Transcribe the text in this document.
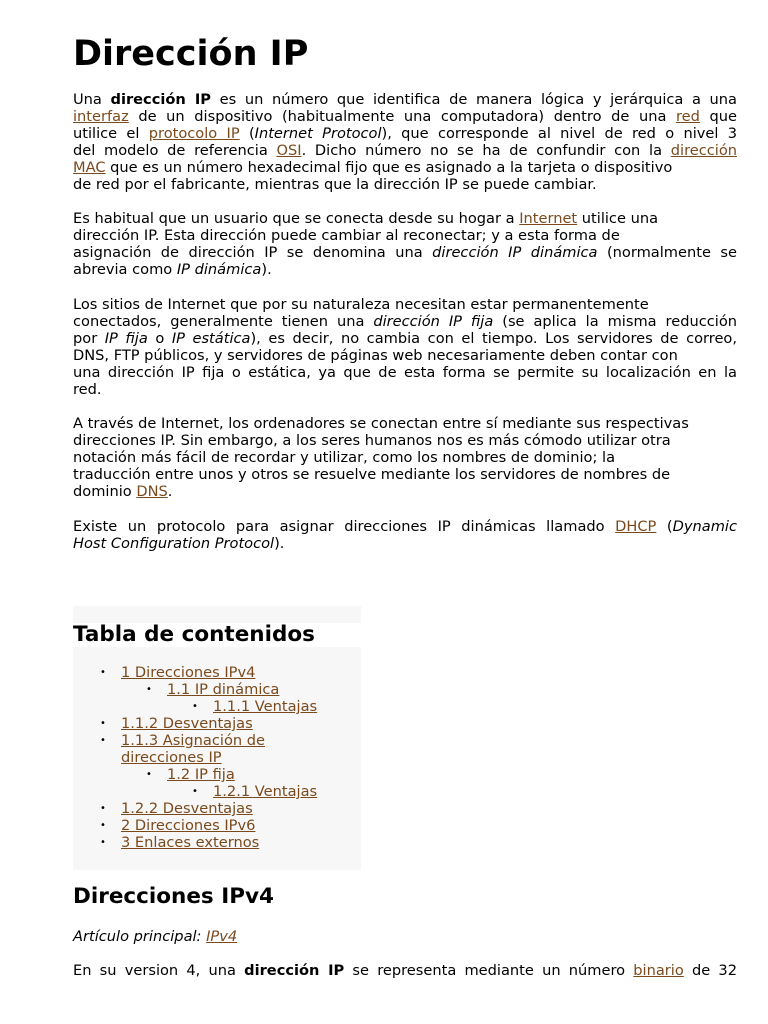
Dirección IP
Una dirección IP es un número que identifica de manera lógica y jerárquica a una
interfaz de un dispositivo (habitualmente una computadora) dentro de una red que
utilice el protocolo IP (Internet Protocol), que corresponde al nivel de red o nivel 3
del modelo de referencia OSI. Dicho número no se ha de confundir con la dirección
MAC que es un número hexadecimal fijo que es asignado a la tarjeta o dispositivo
de red por el fabricante, mientras que la dirección IP se puede cambiar.
Es habitual que un usuario que se conecta desde su hogar a Internet utilice una
dirección IP. Esta dirección puede cambiar al reconectar; y a esta forma de
asignación de dirección IP se denomina una dirección IP dinámica (normalmente se
abrevia como IP dinámica).
Los sitios de Internet que por su naturaleza necesitan estar permanentemente
conectados, generalmente tienen una dirección IP fija (se aplica la misma reducción
por IP fija o IP estática), es decir, no cambia con el tiempo. Los servidores de correo,
DNS, FTP públicos, y servidores de páginas web necesariamente deben contar con
una dirección IP fija o estática, ya que de esta forma se permite su localización en la
red.
A través de Internet, los ordenadores se conectan entre sí mediante sus respectivas
direcciones IP. Sin embargo, a los seres humanos nos es más cómodo utilizar otra
notación más fácil de recordar y utilizar, como los nombres de dominio; la
traducción entre unos y otros se resuelve mediante los servidores de nombres de
dominio DNS.
Existe un protocolo para asignar direcciones IP dinámicas llamado DHCP (Dynamic
Host Configuration Protocol).
Tabla de contenidos
• 1 Direcciones IPv4
• 1.1 IP dinámica
• 1.1.1 Ventajas
• 1.1.2 Desventajas
• 1.1.3 Asignación de
direcciones IP
• 1.2 IP fija
• 1.2.1 Ventajas
• 1.2.2 Desventajas
• 2 Direcciones IPv6
• 3 Enlaces externos
Direcciones IPv4
Artículo principal: IPv4
En su version 4, una dirección IP se representa mediante un número binario de 32
